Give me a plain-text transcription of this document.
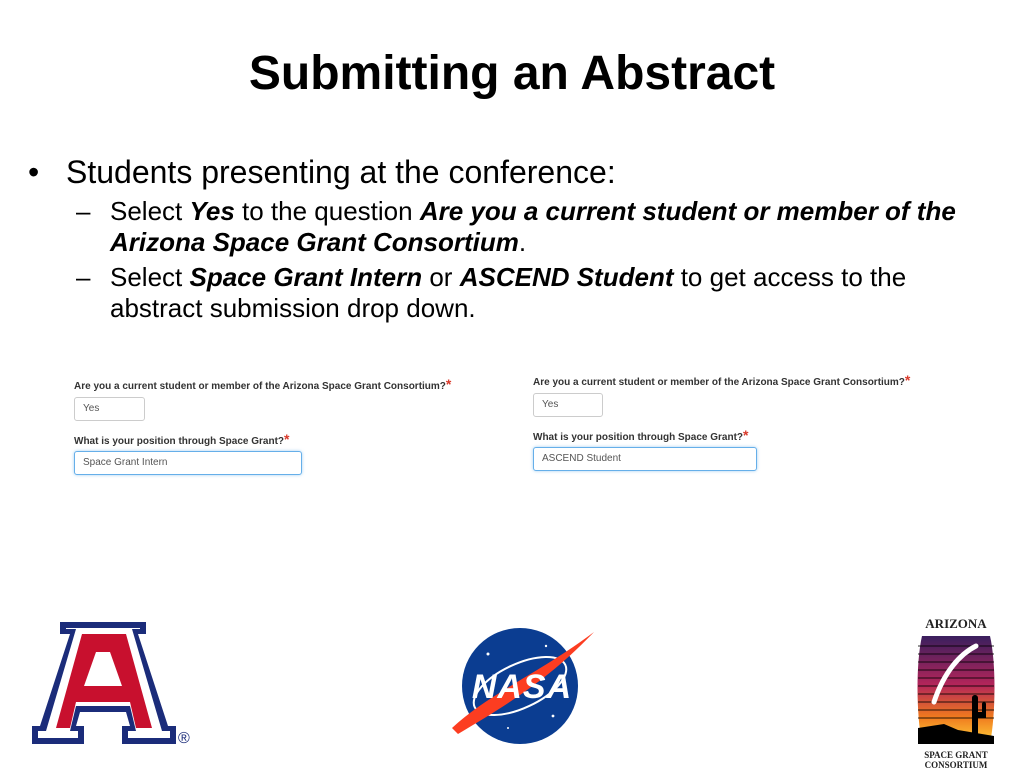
Submitting an Abstract
• Students presenting at the conference:
– Select Yes to the question Are you a current student or member of the Arizona Space Grant Consortium.
– Select Space Grant Intern or ASCEND Student to get access to the abstract submission drop down.
Are you a current student or member of the Arizona Space Grant Consortium?*
Yes
What is your position through Space Grant?*
Space Grant Intern
Are you a current student or member of the Arizona Space Grant Consortium?*
Yes
What is your position through Space Grant?*
ASCEND Student
®
NASA
ARIZONA
SPACE GRANT
CONSORTIUM
